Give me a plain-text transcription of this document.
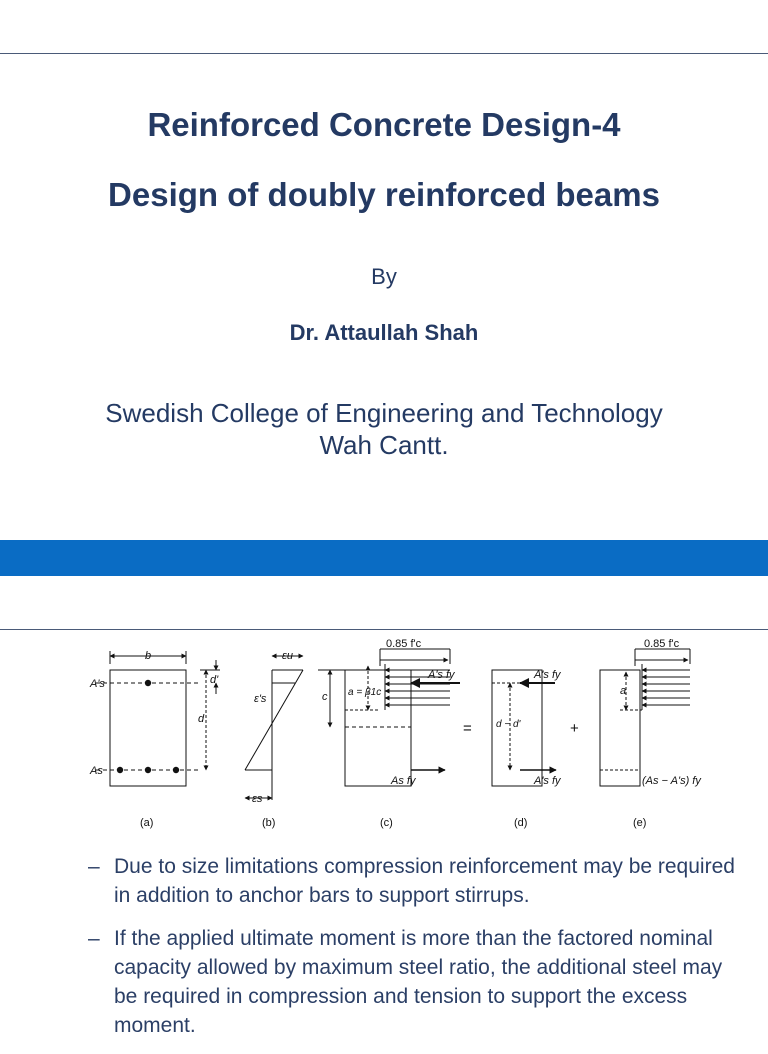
Reinforced Concrete Design-4
Design of doubly reinforced beams
By
Dr. Attaullah Shah
Swedish College of Engineering and Technology
Wah Cantt.
b
A's
As
d'
d
εu
ε's
εs
0.85 f'c
c a = β1c
A's fy
As fy
d − d'
A's fy
A's fy
=	+
0.85 f'c
a
(As − A's) fy
(a)	(b)	(c)	(d)	(e)
– Due to size limitations compression reinforcement may be required in addition to anchor bars to support stirrups.
– If the applied ultimate moment is more than the factored nominal capacity allowed by maximum steel ratio, the additional steel may be required in compression and tension to support the excess moment.
